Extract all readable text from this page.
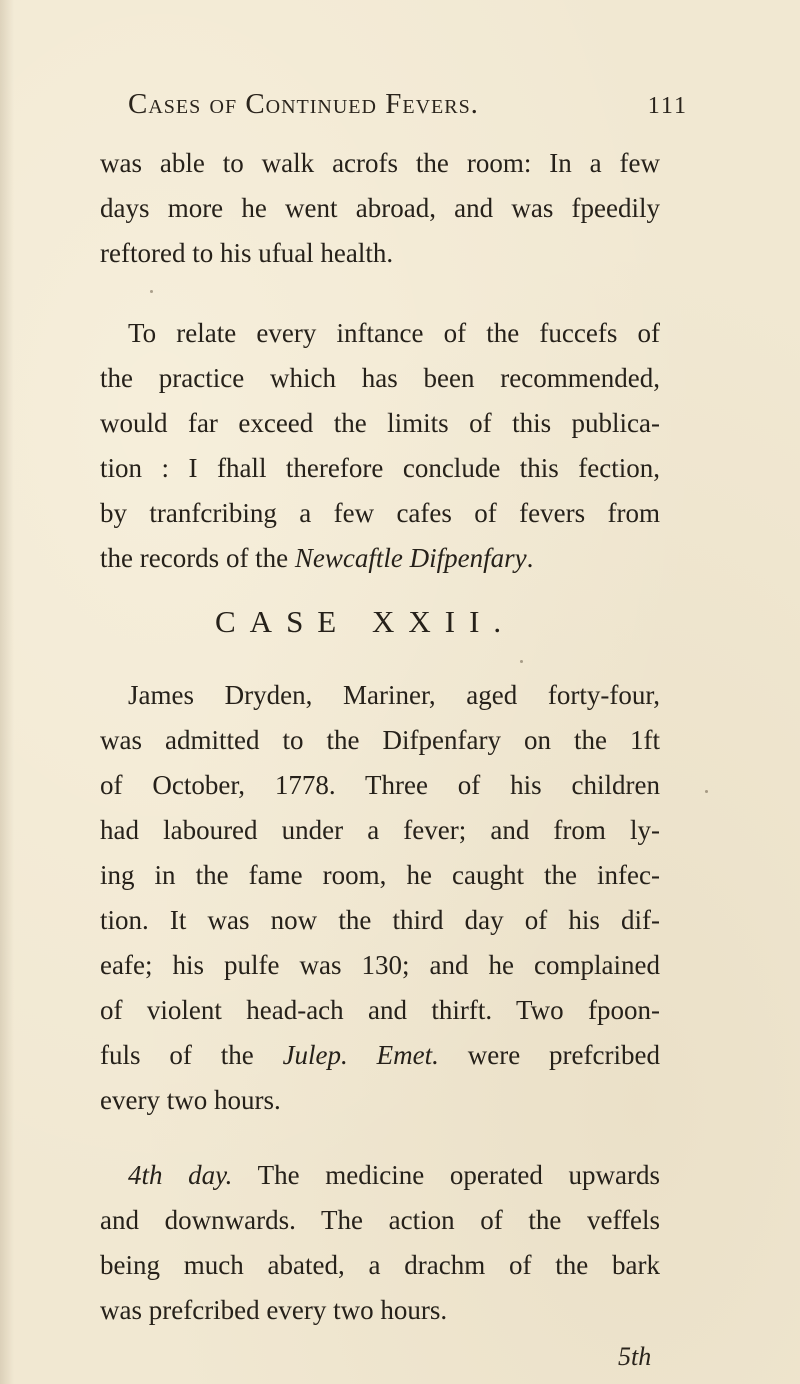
Cases of Continued Fevers.	111
was able to walk acrofs the room: In a few
days more he went abroad, and was fpeedily
reftored to his ufual health.
To relate every inftance of the fuccefs of
the practice which has been recommended,
would far exceed the limits of this publica-
tion : I fhall therefore conclude this fection,
by tranfcribing a few cafes of fevers from
the records of the Newcaftle Difpenfary.
CASE XXII.
James Dryden, Mariner, aged forty-four,
was admitted to the Difpenfary on the 1ft
of October, 1778. Three of his children
had laboured under a fever; and from ly-
ing in the fame room, he caught the infec-
tion. It was now the third day of his dif-
eafe; his pulfe was 130; and he complained
of violent head-ach and thirft. Two fpoon-
fuls of the Julep. Emet. were prefcribed
every two hours.
4th day. The medicine operated upwards
and downwards. The action of the veffels
being much abated, a drachm of the bark
was prefcribed every two hours.
5th
